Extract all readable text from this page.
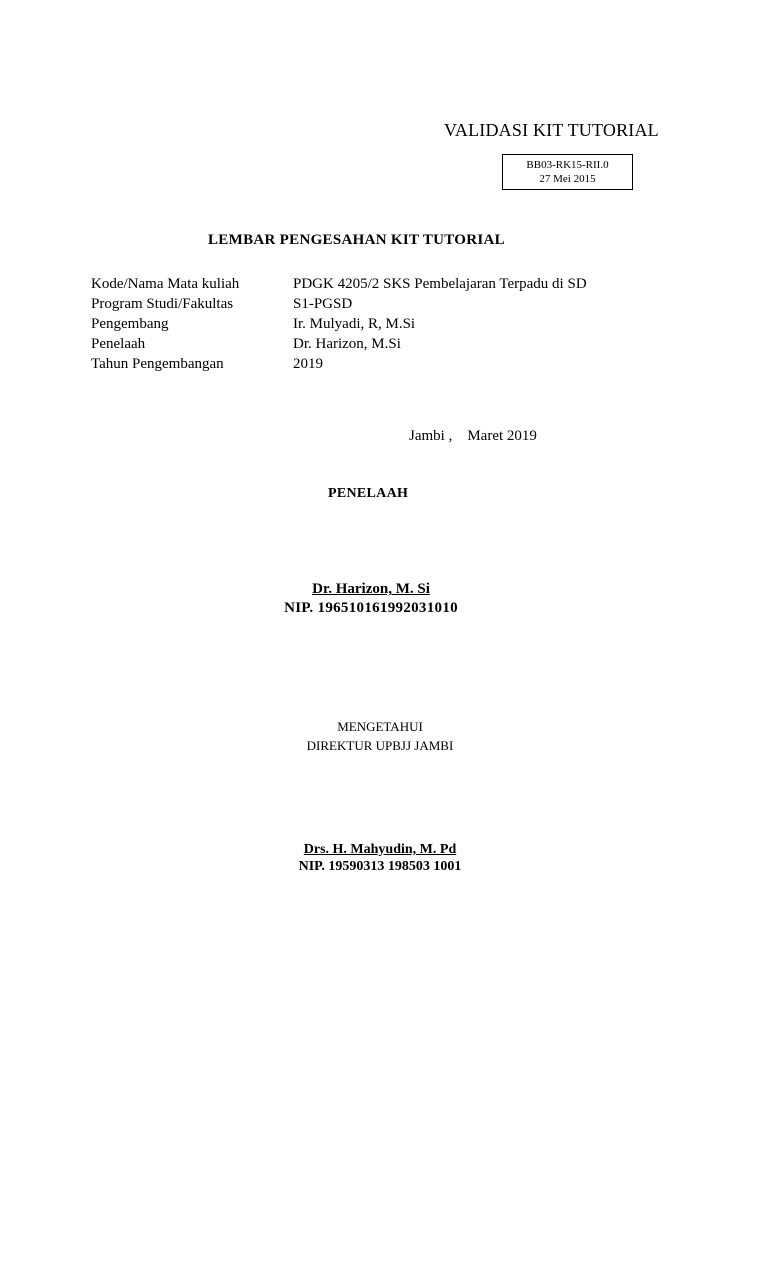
VALIDASI KIT TUTORIAL
BB03-RK15-RII.0
27 Mei 2015
LEMBAR PENGESAHAN KIT TUTORIAL
Kode/Nama Mata kuliah	PDGK 4205/2 SKS Pembelajaran Terpadu di SD
Program Studi/Fakultas	S1-PGSD
Pengembang	Ir. Mulyadi, R, M.Si
Penelaah	Dr. Harizon, M.Si
Tahun Pengembangan	2019
Jambi ,    Maret 2019
PENELAAH
Dr. Harizon, M. Si
NIP. 196510161992031010
MENGETAHUI
DIREKTUR UPBJJ JAMBI
Drs. H. Mahyudin, M. Pd
NIP. 19590313 198503 1001
